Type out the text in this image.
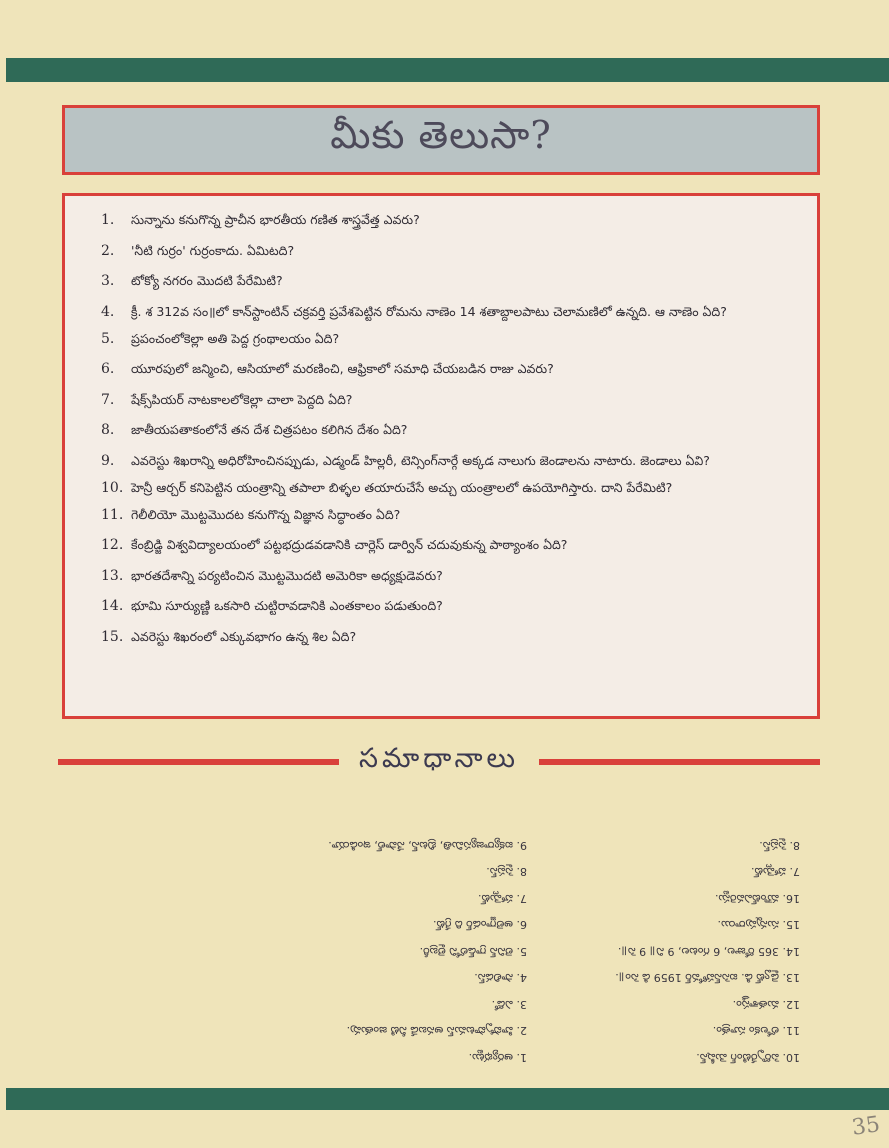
మీకు తెలుసా?
1.	సున్నాను కనుగొన్న ప్రాచీన భారతీయ గణిత శాస్త్రవేత్త ఎవరు?
2.	'నీటి గుర్రం' గుర్రంకాదు. ఏమిటది?
3.	టోక్యో నగరం మొదటి పేరేమిటి?
4.	క్రీ. శ 312వ సం॥లో కాన్‌స్టాంటిన్ చక్రవర్తి ప్రవేశపెట్టిన రోమను నాణెం 14 శతాబ్దాలపాటు చెలామణిలో ఉన్నది. ఆ నాణెం ఏది?
5.	ప్రపంచంలోకెల్లా అతి పెద్ద గ్రంథాలయం ఏది?
6.	యూరపులో జన్మించి, ఆసియాలో మరణించి, ఆఫ్రికాలో సమాధి చేయబడిన రాజు ఎవరు?
7.	షేక్స్‌పియర్ నాటకాలలోకెల్లా చాలా పెద్దది ఏది?
8.	జాతీయపతాకంలోనే తన దేశ చిత్రపటం కలిగిన దేశం ఏది?
9.	ఎవరెస్టు శిఖరాన్ని అధిరోహించినప్పుడు, ఎడ్మండ్ హిల్లరీ, టెన్సింగ్‌నార్గే అక్కడ నాలుగు జెండాలను నాటారు. జెండాలు ఏవి?
10. హెన్రీ ఆర్చర్ కనిపెట్టిన యంత్రాన్ని తపాలా బిళ్ళల తయారుచేసే అచ్చు యంత్రాలలో ఉపయోగిస్తారు. దాని పేరేమిటి?
11. గెలీలియో మొట్టమొదట కనుగొన్న విజ్ఞాన సిద్ధాంతం ఏది?
12. కేంబ్రిడ్జి విశ్వవిద్యాలయంలో పట్టభద్రుడవడానికి చార్లెస్ డార్విన్ చదువుకున్న పాఠ్యాంశం ఏది?
13. భారతదేశాన్ని పర్యటించిన మొట్టమొదటి అమెరికా అధ్యక్షుడెవరు?
14. భూమి సూర్యుణ్ణి ఒకసారి చుట్టిరావడానికి ఎంతకాలం పడుతుంది?
15. ఎవరెస్టు శిఖరంలో ఎక్కువభాగం ఉన్న శిల ఏది?
సమాధానాలు
10. పెర్ఫొరేటింగ్ మెషీన్.
11. లోలకం సూత్రం.
12. మతశాస్త్రం.
13. డ్వైట్ డి. ఐసెన్‌హోవర్ 1959 డి సెం॥.
14. 365 రోజుల, 6 గంటల, 9 ని॥ 9 సె॥.
15. సున్నపురాయి.
16. మౌంట్‌ఎవరెస్టు.
7. హామ్లెట్.
8. సైప్రస్.
1. ఆర్యభట్టు.
2. హిప్పోపొటమస్ అనబడే నీటి జంతువు.
3. ఎడో.
4. సాలిడస్.
5. లెనిన్ గ్రాడ్‌లోని లైబ్రరీ.
6. అలెగ్జాండర్ ది గ్రేట్.
7. హామ్లెట్.
8. సైప్రస్.
9. ఐక్యరాజ్యసమితి, బ్రిటన్, నేపాల్, ఇండియా.
35
